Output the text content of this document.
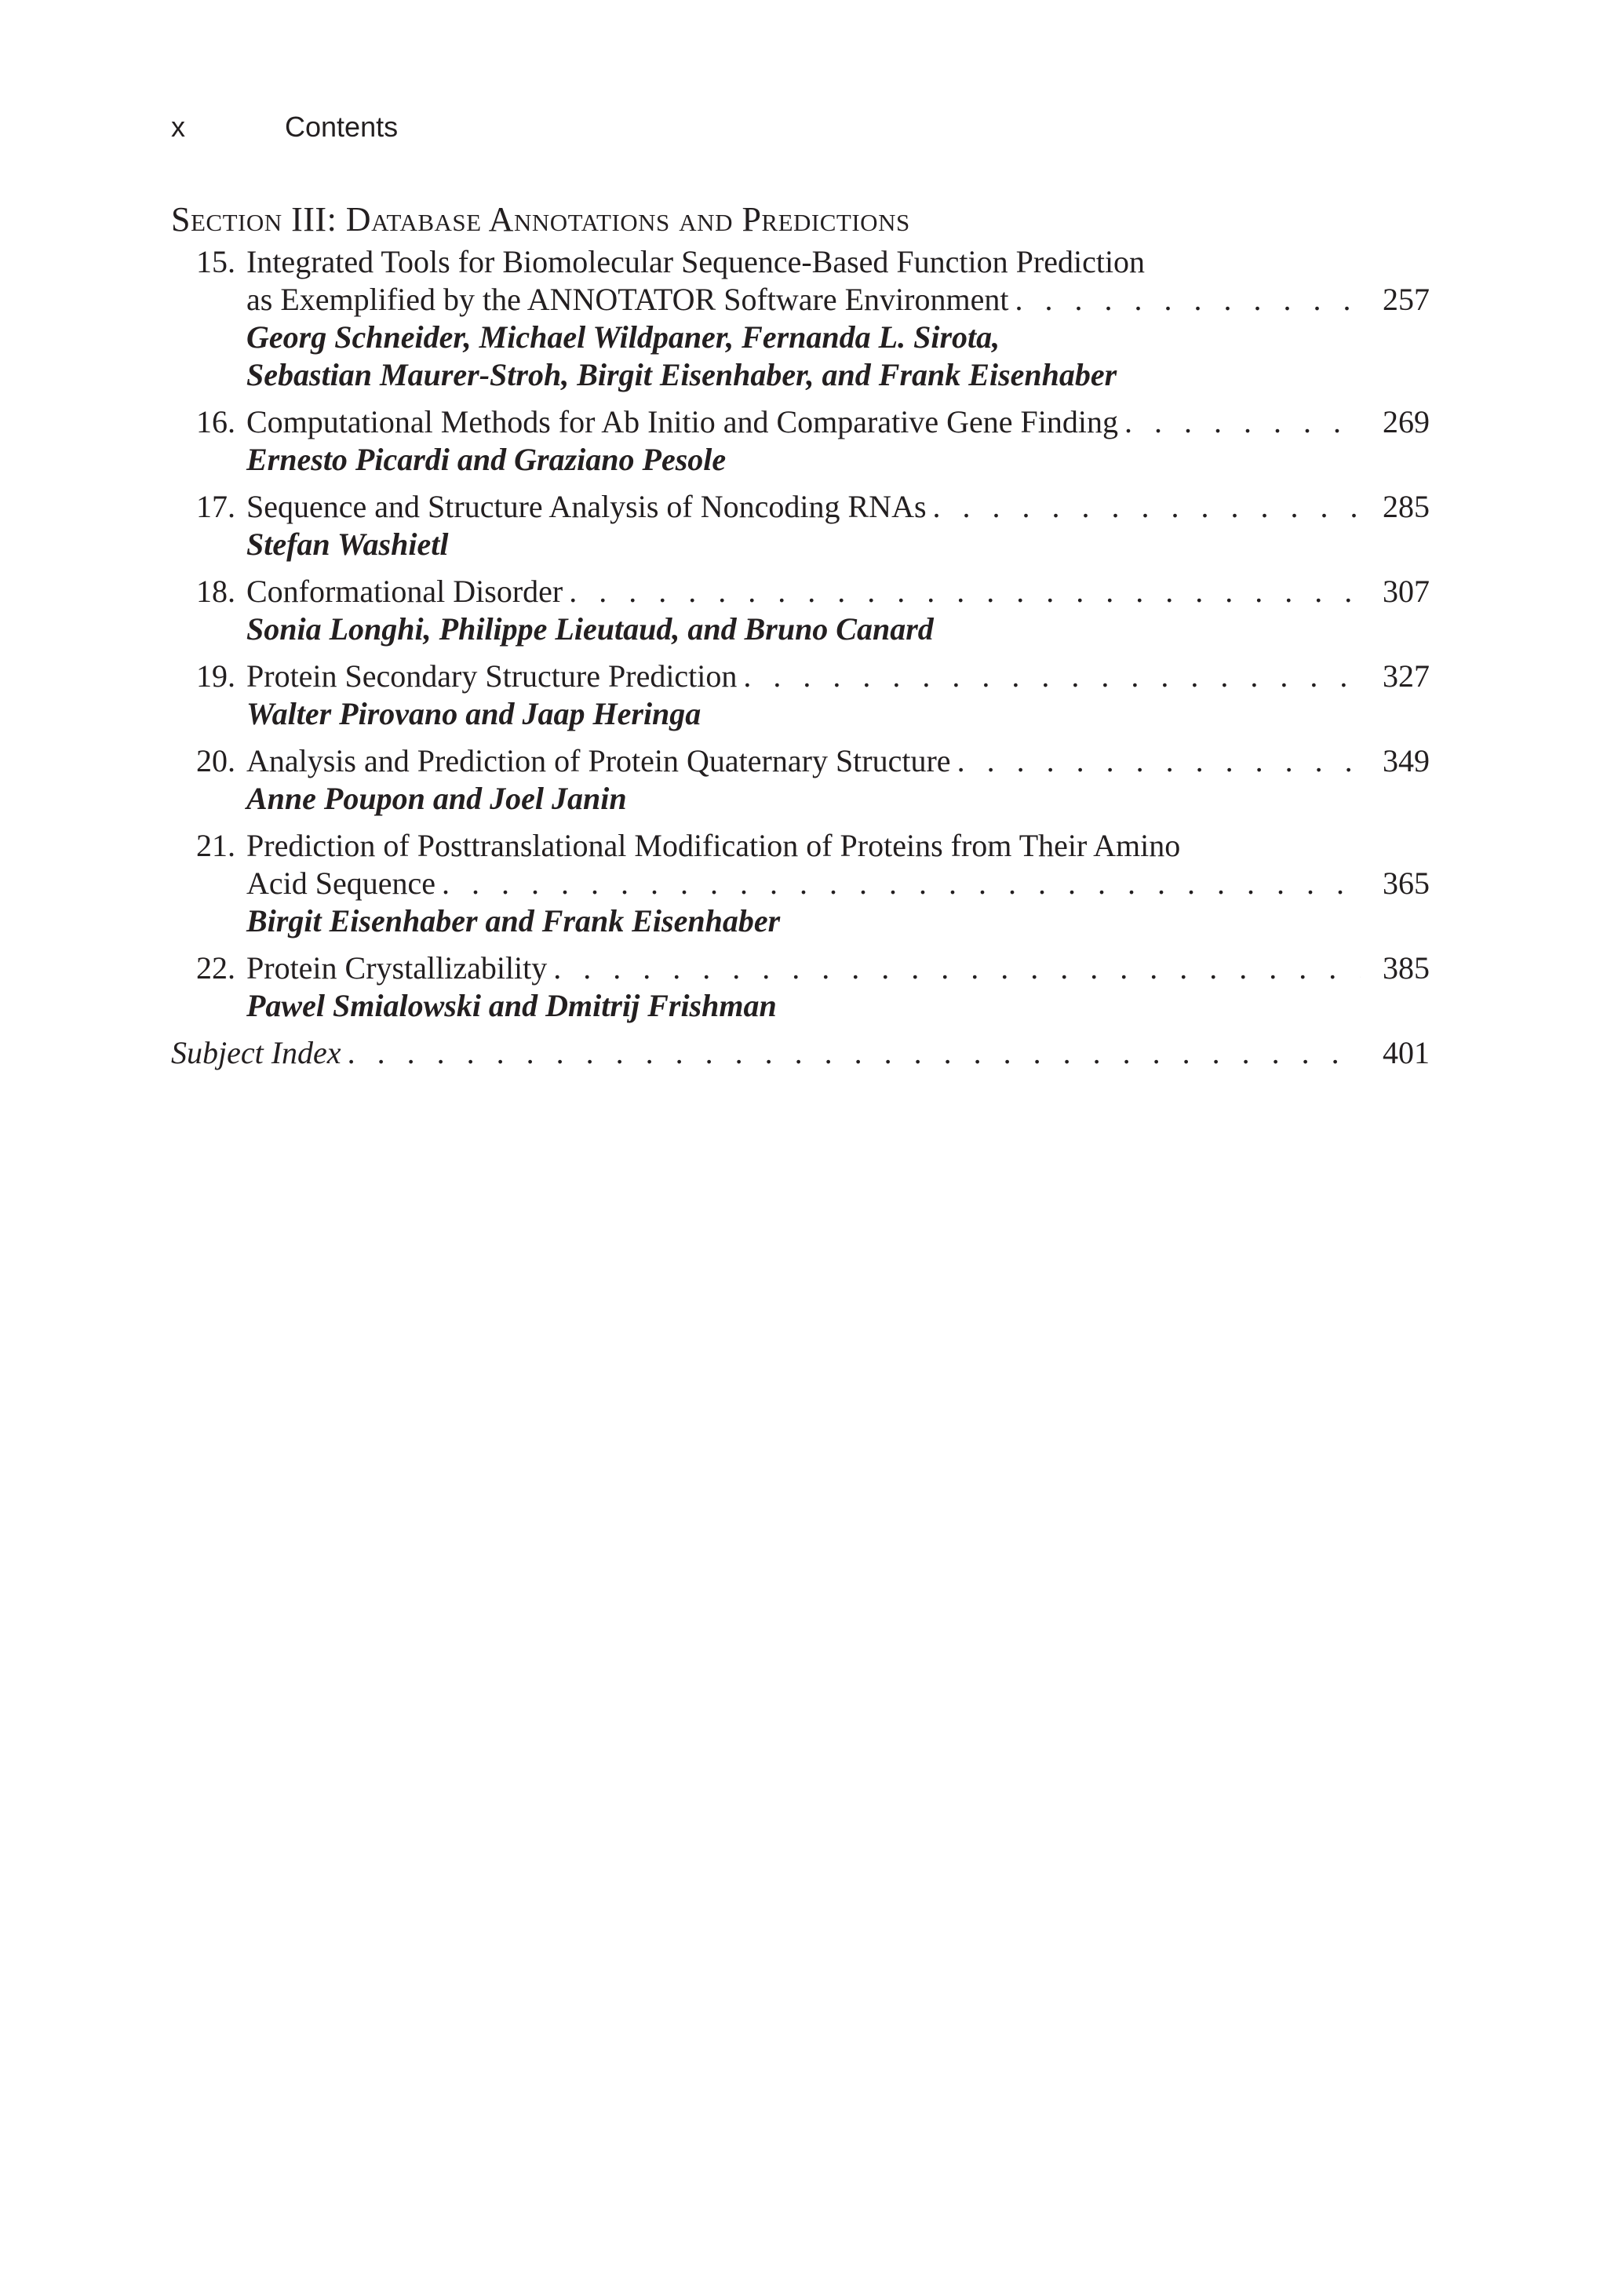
x	Contents
Section III: Database Annotations and Predictions
15. Integrated Tools for Biomolecular Sequence-Based Function Prediction
as Exemplified by the ANNOTATOR Software Environment . . .	257
Georg Schneider, Michael Wildpaner, Fernanda L. Sirota,
Sebastian Maurer-Stroh, Birgit Eisenhaber, and Frank Eisenhaber
16. Computational Methods for Ab Initio and Comparative Gene Finding . . .	269
Ernesto Picardi and Graziano Pesole
17. Sequence and Structure Analysis of Noncoding RNAs . . .	285
Stefan Washietl
18. Conformational Disorder . . .	307
Sonia Longhi, Philippe Lieutaud, and Bruno Canard
19. Protein Secondary Structure Prediction . . .	327
Walter Pirovano and Jaap Heringa
20. Analysis and Prediction of Protein Quaternary Structure . . .	349
Anne Poupon and Joel Janin
21. Prediction of Posttranslational Modification of Proteins from Their Amino
Acid Sequence . . .	365
Birgit Eisenhaber and Frank Eisenhaber
22. Protein Crystallizability . . .	385
Pawel Smialowski and Dmitrij Frishman
Subject Index . . .	401
